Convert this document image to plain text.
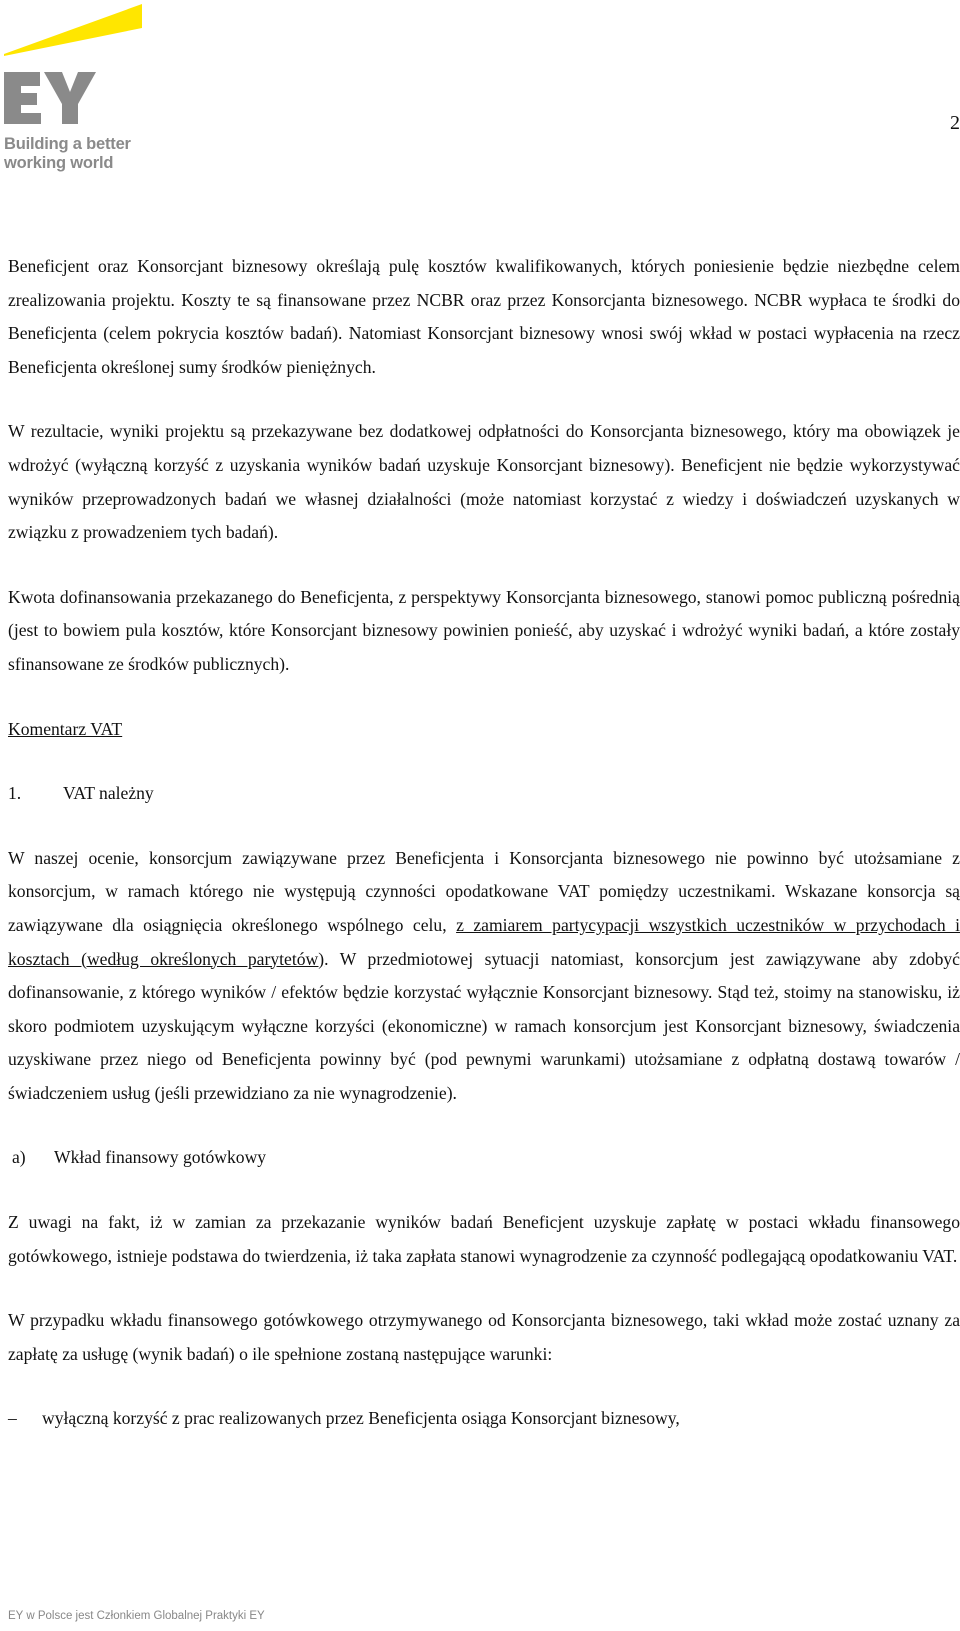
Building a better
working world
2

Beneficjent oraz Konsorcjant biznesowy określają pulę kosztów kwalifikowanych, których poniesienie będzie niezbędne celem zrealizowania projektu. Koszty te są finansowane przez NCBR oraz przez Konsorcjanta biznesowego. NCBR wypłaca te środki do Beneficjenta (celem pokrycia kosztów badań). Natomiast Konsorcjant biznesowy wnosi swój wkład w postaci wypłacenia na rzecz Beneficjenta określonej sumy środków pieniężnych.

W rezultacie, wyniki projektu są przekazywane bez dodatkowej odpłatności do Konsorcjanta biznesowego, który ma obowiązek je wdrożyć (wyłączną korzyść z uzyskania wyników badań uzyskuje Konsorcjant biznesowy). Beneficjent nie będzie wykorzystywać wyników przeprowadzonych badań we własnej działalności (może natomiast korzystać z wiedzy i doświadczeń uzyskanych w związku z prowadzeniem tych badań).

Kwota dofinansowania przekazanego do Beneficjenta, z perspektywy Konsorcjanta biznesowego, stanowi pomoc publiczną pośrednią (jest to bowiem pula kosztów, które Konsorcjant biznesowy powinien ponieść, aby uzyskać i wdrożyć wyniki badań, a które zostały sfinansowane ze środków publicznych).

Komentarz VAT

1.	VAT należny

W naszej ocenie, konsorcjum zawiązywane przez Beneficjenta i Konsorcjanta biznesowego nie powinno być utożsamiane z konsorcjum, w ramach którego nie występują czynności opodatkowane VAT pomiędzy uczestnikami. Wskazane konsorcja są zawiązywane dla osiągnięcia określonego wspólnego celu, z zamiarem partycypacji wszystkich uczestników w przychodach i kosztach (według określonych parytetów). W przedmiotowej sytuacji natomiast, konsorcjum jest zawiązywane aby zdobyć dofinansowanie, z którego wyników / efektów będzie korzystać wyłącznie Konsorcjant biznesowy. Stąd też, stoimy na stanowisku, iż skoro podmiotem uzyskującym wyłączne korzyści (ekonomiczne) w ramach konsorcjum jest Konsorcjant biznesowy, świadczenia uzyskiwane przez niego od Beneficjenta powinny być (pod pewnymi warunkami) utożsamiane z odpłatną dostawą towarów / świadczeniem usług (jeśli przewidziano za nie wynagrodzenie).

a)	Wkład finansowy gotówkowy

Z uwagi na fakt, iż w zamian za przekazanie wyników badań Beneficjent uzyskuje zapłatę w postaci wkładu finansowego gotówkowego, istnieje podstawa do twierdzenia, iż taka zapłata stanowi wynagrodzenie za czynność podlegającą opodatkowaniu VAT.

W przypadku wkładu finansowego gotówkowego otrzymywanego od Konsorcjanta biznesowego, taki wkład może zostać uznany za zapłatę za usługę (wynik badań) o ile spełnione zostaną następujące warunki:

–	wyłączną korzyść z prac realizowanych przez Beneficjenta osiąga Konsorcjant biznesowy,

EY w Polsce jest Członkiem Globalnej Praktyki EY
